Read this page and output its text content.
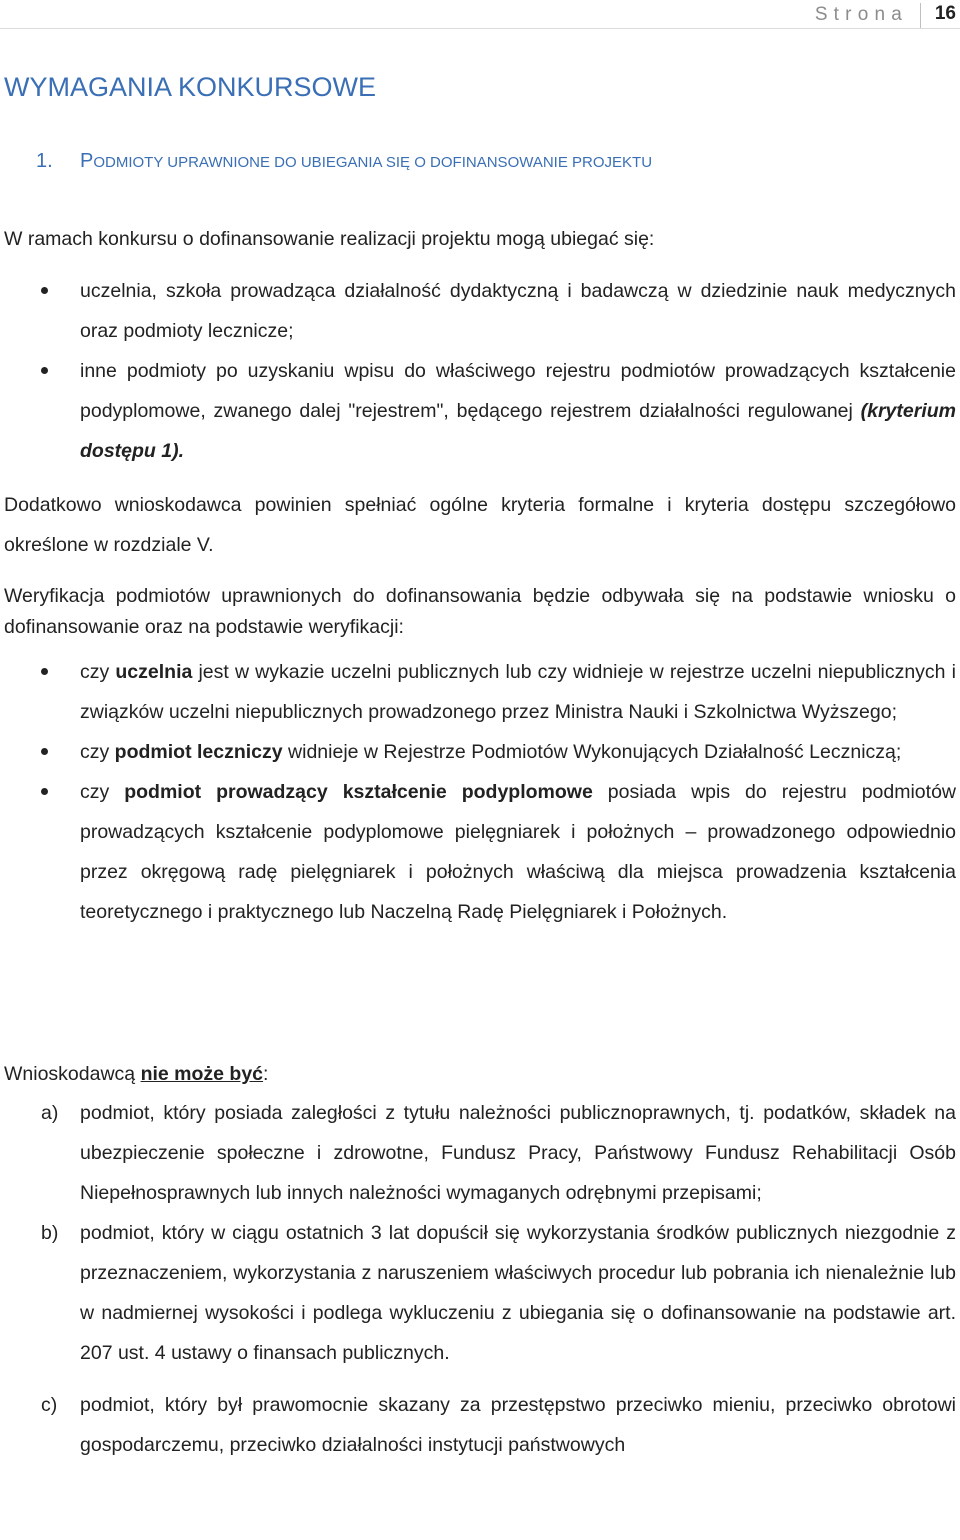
Strona 16
WYMAGANIA KONKURSOWE
1. PODMIOTY UPRAWNIONE DO UBIEGANIA SIĘ O DOFINANSOWANIE PROJEKTU

W ramach konkursu o dofinansowanie realizacji projektu mogą ubiegać się:

uczelnia, szkoła prowadząca działalność dydaktyczną i badawczą w dziedzinie nauk medycznych oraz podmioty lecznicze;
inne podmioty po uzyskaniu wpisu do właściwego rejestru podmiotów prowadzących kształcenie podyplomowe, zwanego dalej "rejestrem", będącego rejestrem działalności regulowanej (kryterium dostępu 1).

Dodatkowo wnioskodawca powinien spełniać ogólne kryteria formalne i kryteria dostępu szczegółowo określone w rozdziale V.

Weryfikacja podmiotów uprawnionych do dofinansowania będzie odbywała się na podstawie wniosku o dofinansowanie oraz na podstawie weryfikacji:

czy uczelnia jest w wykazie uczelni publicznych lub czy widnieje w rejestrze uczelni niepublicznych i związków uczelni niepublicznych prowadzonego przez Ministra Nauki i Szkolnictwa Wyższego;
czy podmiot leczniczy widnieje w Rejestrze Podmiotów Wykonujących Działalność Leczniczą;
czy podmiot prowadzący kształcenie podyplomowe posiada wpis do rejestru podmiotów prowadzących kształcenie podyplomowe pielęgniarek i położnych – prowadzonego odpowiednio przez okręgową radę pielęgniarek i położnych właściwą dla miejsca prowadzenia kształcenia teoretycznego i praktycznego lub Naczelną Radę Pielęgniarek i Położnych.

Wnioskodawcą nie może być:

a) podmiot, który posiada zaległości z tytułu należności publicznoprawnych, tj. podatków, składek na ubezpieczenie społeczne i zdrowotne, Fundusz Pracy, Państwowy Fundusz Rehabilitacji Osób Niepełnosprawnych lub innych należności wymaganych odrębnymi przepisami;
b) podmiot, który w ciągu ostatnich 3 lat dopuścił się wykorzystania środków publicznych niezgodnie z przeznaczeniem, wykorzystania z naruszeniem właściwych procedur lub pobrania ich nienależnie lub w nadmiernej wysokości i podlega wykluczeniu z ubiegania się o dofinansowanie na podstawie art. 207 ust. 4 ustawy o finansach publicznych.
c) podmiot, który był prawomocnie skazany za przestępstwo przeciwko mieniu, przeciwko obrotowi gospodarczemu, przeciwko działalności instytucji państwowych
